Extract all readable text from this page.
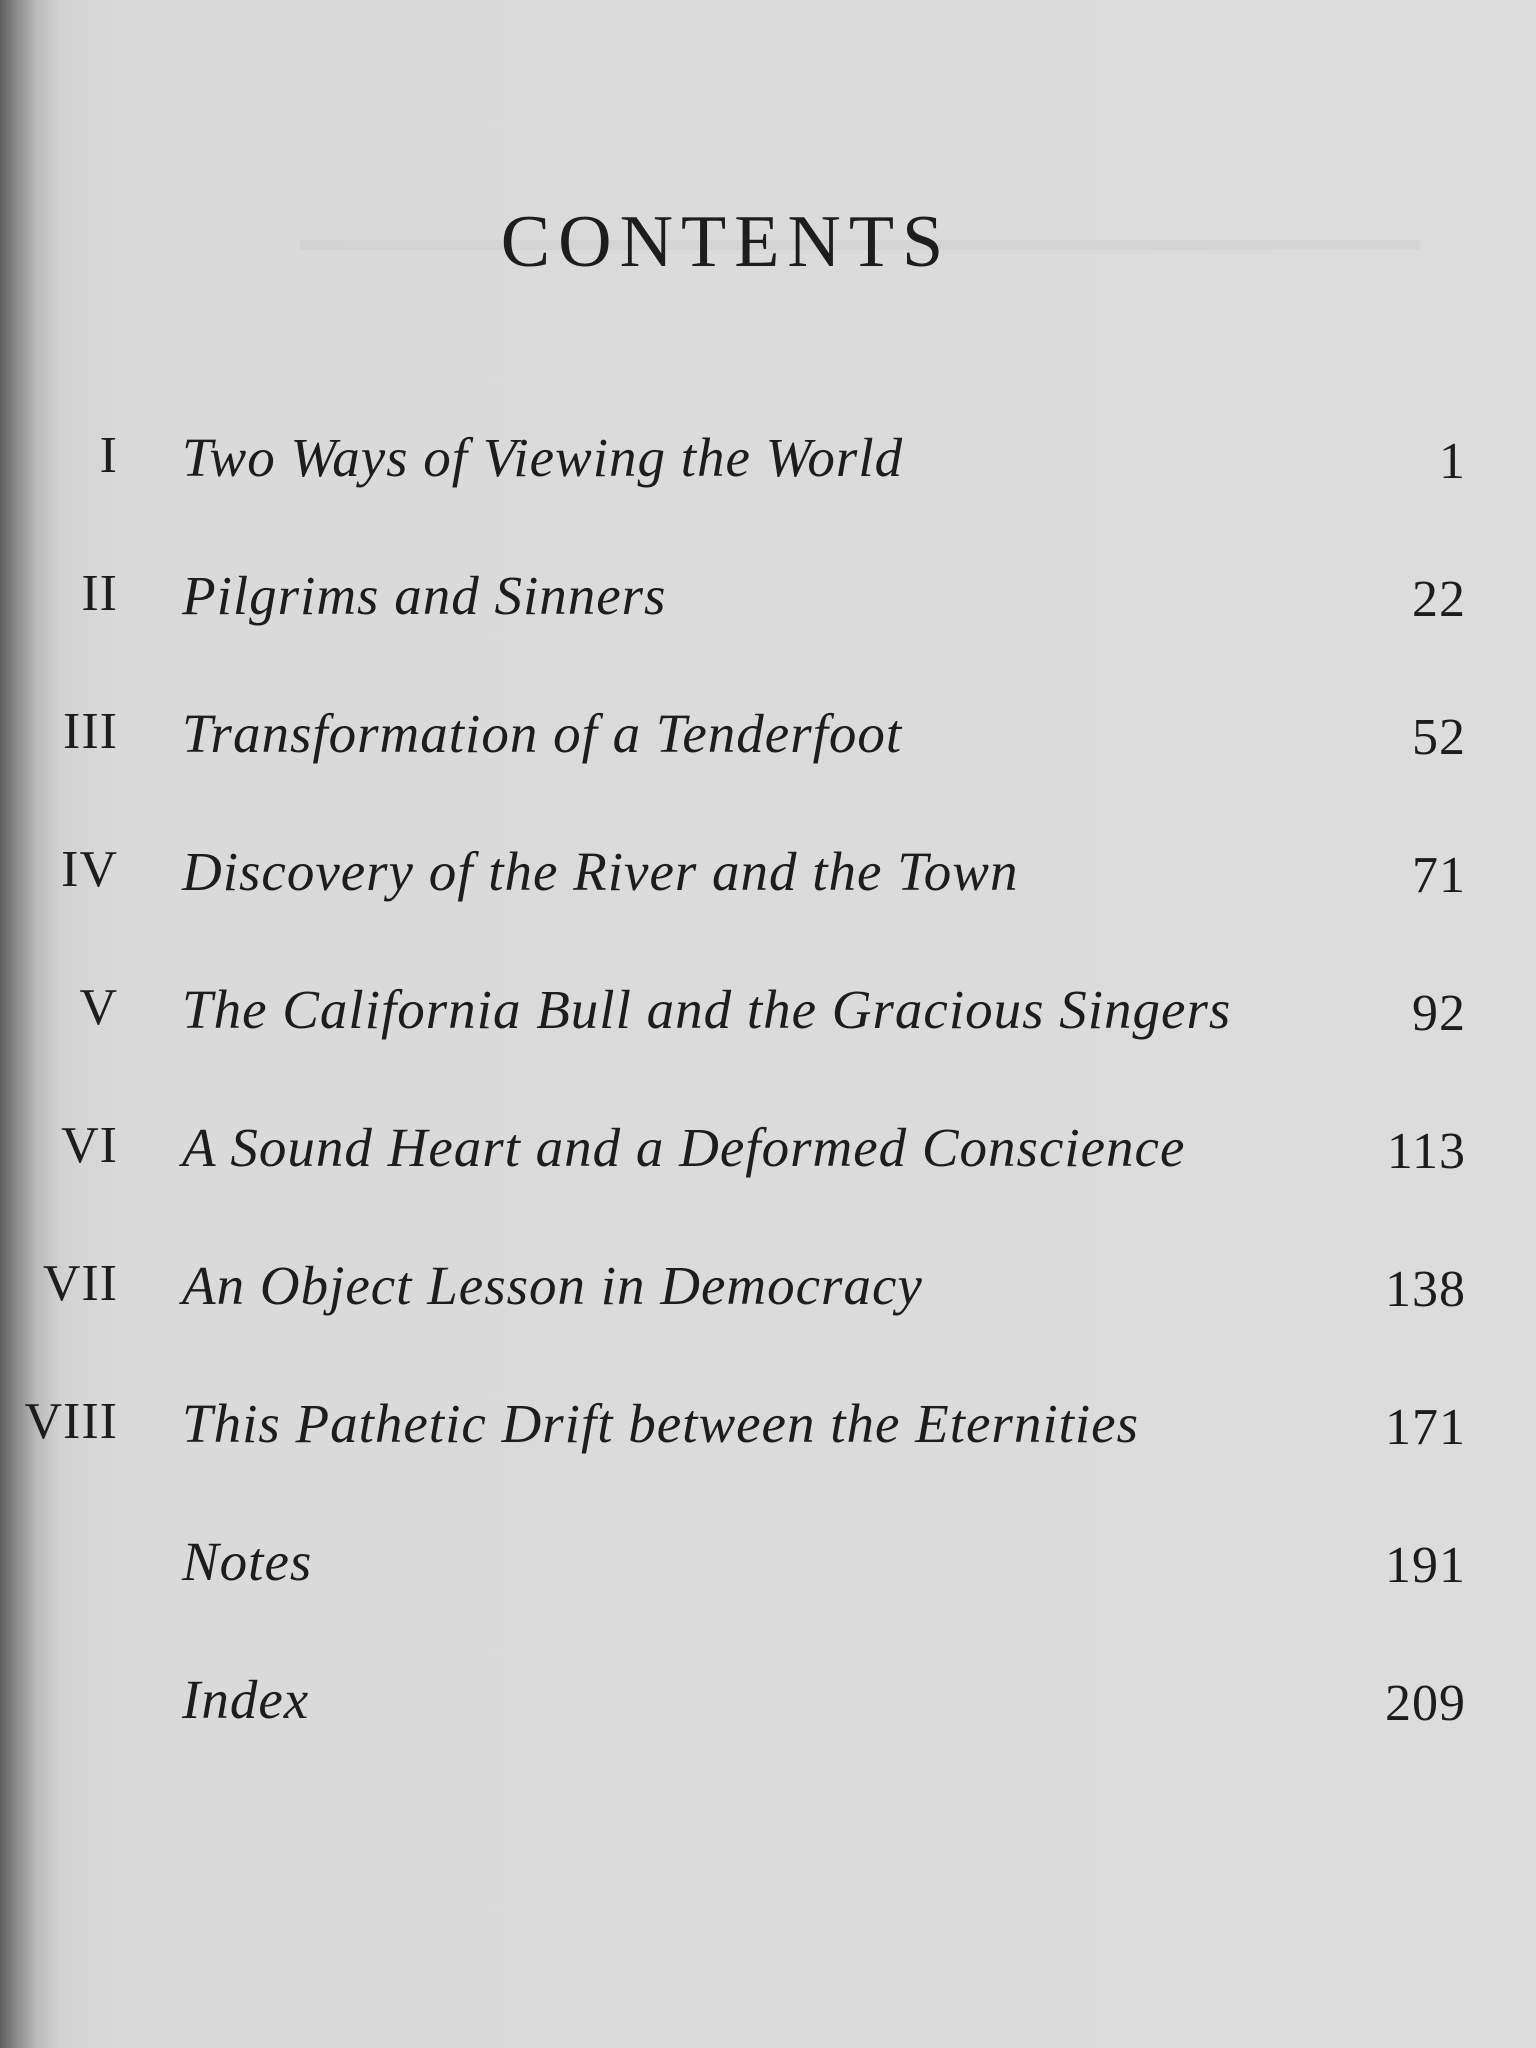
CONTENTS
I Two Ways of Viewing the World	1
II Pilgrims and Sinners	22
III Transformation of a Tenderfoot	52
IV Discovery of the River and the Town	71
V The California Bull and the Gracious Singers	92
VI A Sound Heart and a Deformed Conscience	113
VII An Object Lesson in Democracy	138
VIII This Pathetic Drift between the Eternities	171
Notes	191
Index	209
